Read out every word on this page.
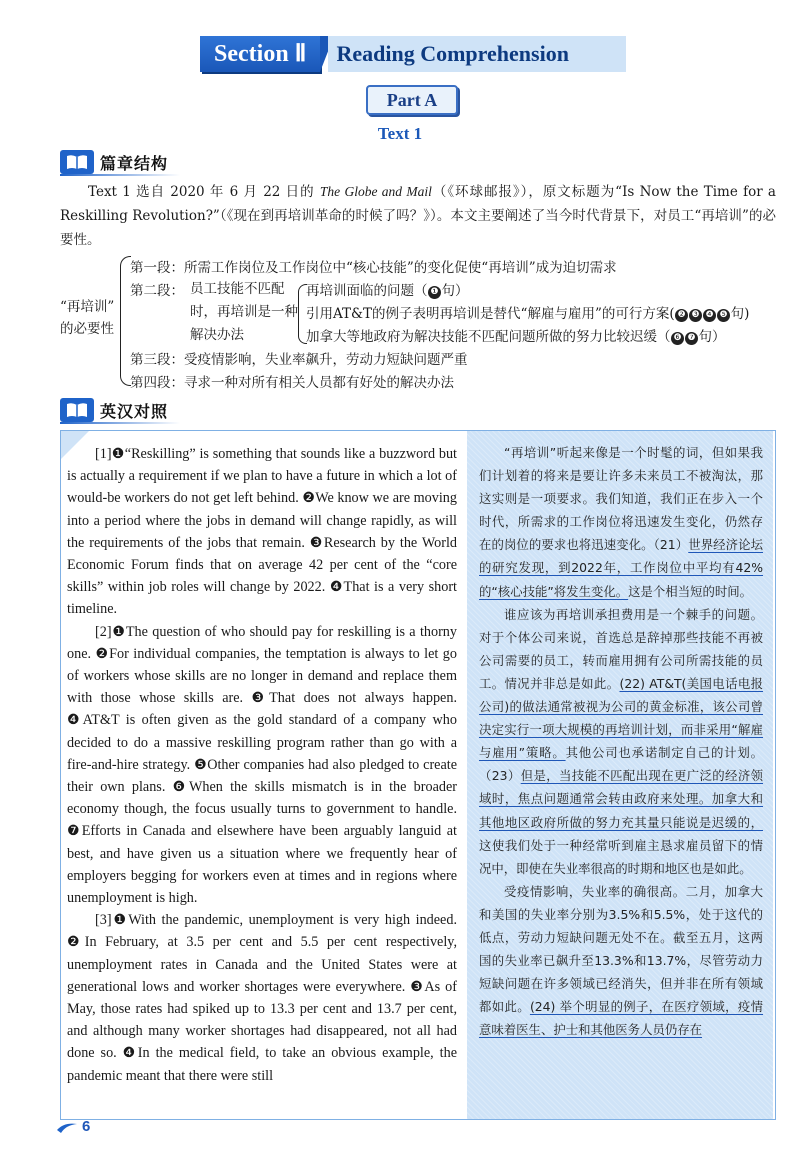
Section Ⅱ	Reading Comprehension
Part A
Text 1
篇章结构
Text 1 选自 2020 年 6 月 22 日的 The Globe and Mail（《环球邮报》），原文标题为“Is Now the Time for a Reskilling Revolution?”（《现在到再培训革命的时候了吗？》）。本文主要阐述了当今时代背景下，对员工“再培训”的必要性。
“再培训”
的必要性
第一段：所需工作岗位及工作岗位中“核心技能”的变化促使“再培训”成为迫切需求
第二段： 员工技能不匹配时，再培训是一种解决办法
再培训面临的问题（ ❶ 句）
引用AT&T的例子表明再培训是替代“解雇与雇用”的可行方案( ❷ ❸ ❹ ❺ 句)
加拿大等地政府为解决技能不匹配问题所做的努力比较迟缓（ ❻ ❼ 句）
第三段：受疫情影响，失业率飙升，劳动力短缺问题严重
第四段：寻求一种对所有相关人员都有好处的解决办法
英汉对照

[1]❶“Reskilling” is something that sounds like a buzzword but is actually a requirement if we plan to have a future in which a lot of would-be workers do not get left behind. ❷We know we are moving into a period where the jobs in demand will change rapidly, as will the requirements of the jobs that remain. ❸Research by the World Economic Forum finds that on average 42 per cent of the “core skills” within job roles will change by 2022. ❹That is a very short timeline.

[2]❶The question of who should pay for reskilling is a thorny one. ❷For individual companies, the temptation is always to let go of workers whose skills are no longer in demand and replace them with those whose skills are. ❸That does not always happen. ❹AT&T is often given as the gold standard of a company who decided to do a massive reskilling program rather than go with a fire-and-hire strategy. ❺Other companies had also pledged to create their own plans. ❻When the skills mismatch is in the broader economy though, the focus usually turns to government to handle. ❼Efforts in Canada and elsewhere have been arguably languid at best, and have given us a situation where we frequently hear of employers begging for workers even at times and in regions where unemployment is high.

[3]❶With the pandemic, unemployment is very high indeed. ❷In February, at 3.5 per cent and 5.5 per cent respectively, unemployment rates in Canada and the United States were at generational lows and worker shortages were everywhere. ❸As of May, those rates had spiked up to 13.3 per cent and 13.7 per cent, and although many worker shortages had disappeared, not all had done so. ❹In the medical field, to take an obvious example, the pandemic meant that there were still

“再培训”听起来像是一个时髦的词，但如果我们计划着的将来是要让许多未来员工不被淘汰，那这实则是一项要求。我们知道，我们正在步入一个时代，所需求的工作岗位将迅速发生变化，仍然存在的岗位的要求也将迅速变化。（21）世界经济论坛的研究发现，到2022年，工作岗位中平均有42%的“核心技能”将发生变化。这是个相当短的时间。

谁应该为再培训承担费用是一个棘手的问题。对于个体公司来说，首选总是辞掉那些技能不再被公司需要的员工，转而雇用拥有公司所需技能的员工。情况并非总是如此。(22) AT&T(美国电话电报公司)的做法通常被视为公司的黄金标准，该公司曾决定实行一项大规模的再培训计划，而非采用“解雇与雇用”策略。其他公司也承诺制定自己的计划。（23）但是，当技能不匹配出现在更广泛的经济领域时，焦点问题通常会转由政府来处理。加拿大和其他地区政府所做的努力充其量只能说是迟缓的，这使我们处于一种经常听到雇主恳求雇员留下的情况中，即使在失业率很高的时期和地区也是如此。

受疫情影响，失业率的确很高。二月，加拿大和美国的失业率分别为3.5%和5.5%，处于这代的低点，劳动力短缺问题无处不在。截至五月，这两国的失业率已飙升至13.3%和13.7%，尽管劳动力短缺问题在许多领域已经消失，但并非在所有领域都如此。(24) 举个明显的例子，在医疗领域，疫情意味着医生、护士和其他医务人员仍存在

6
